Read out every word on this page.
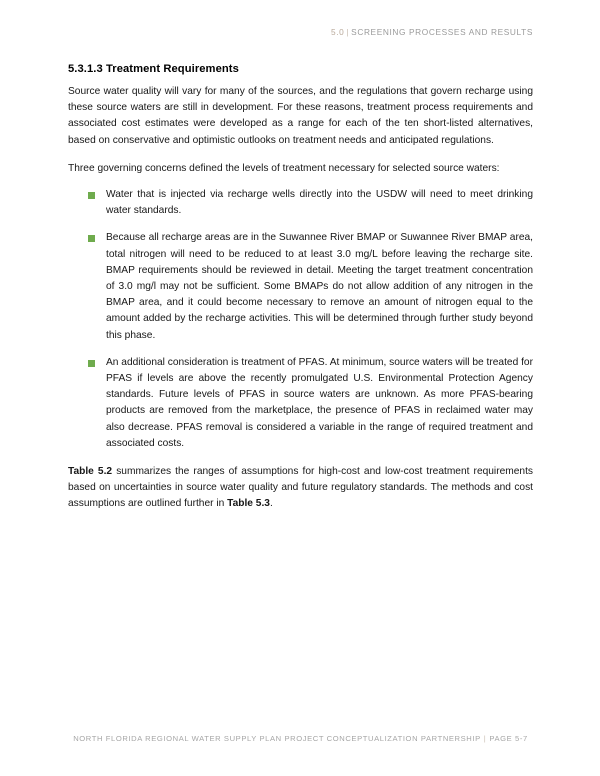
5.0 | SCREENING PROCESSES AND RESULTS
5.3.1.3 Treatment Requirements

Source water quality will vary for many of the sources, and the regulations that govern recharge using these source waters are still in development. For these reasons, treatment process requirements and associated cost estimates were developed as a range for each of the ten short-listed alternatives, based on conservative and optimistic outlooks on treatment needs and anticipated regulations.

Three governing concerns defined the levels of treatment necessary for selected source waters:

Water that is injected via recharge wells directly into the USDW will need to meet drinking water standards.
Because all recharge areas are in the Suwannee River BMAP or Suwannee River BMAP area, total nitrogen will need to be reduced to at least 3.0 mg/L before leaving the recharge site. BMAP requirements should be reviewed in detail. Meeting the target treatment concentration of 3.0 mg/l may not be sufficient. Some BMAPs do not allow addition of any nitrogen in the BMAP area, and it could become necessary to remove an amount of nitrogen equal to the amount added by the recharge activities. This will be determined through further study beyond this phase.
An additional consideration is treatment of PFAS. At minimum, source waters will be treated for PFAS if levels are above the recently promulgated U.S. Environmental Protection Agency standards. Future levels of PFAS in source waters are unknown. As more PFAS-bearing products are removed from the marketplace, the presence of PFAS in reclaimed water may also decrease. PFAS removal is considered a variable in the range of required treatment and associated costs.

Table 5.2 summarizes the ranges of assumptions for high-cost and low-cost treatment requirements based on uncertainties in source water quality and future regulatory standards. The methods and cost assumptions are outlined further in Table 5.3.

NORTH FLORIDA REGIONAL WATER SUPPLY PLAN PROJECT CONCEPTUALIZATION PARTNERSHIP | PAGE 5-7
